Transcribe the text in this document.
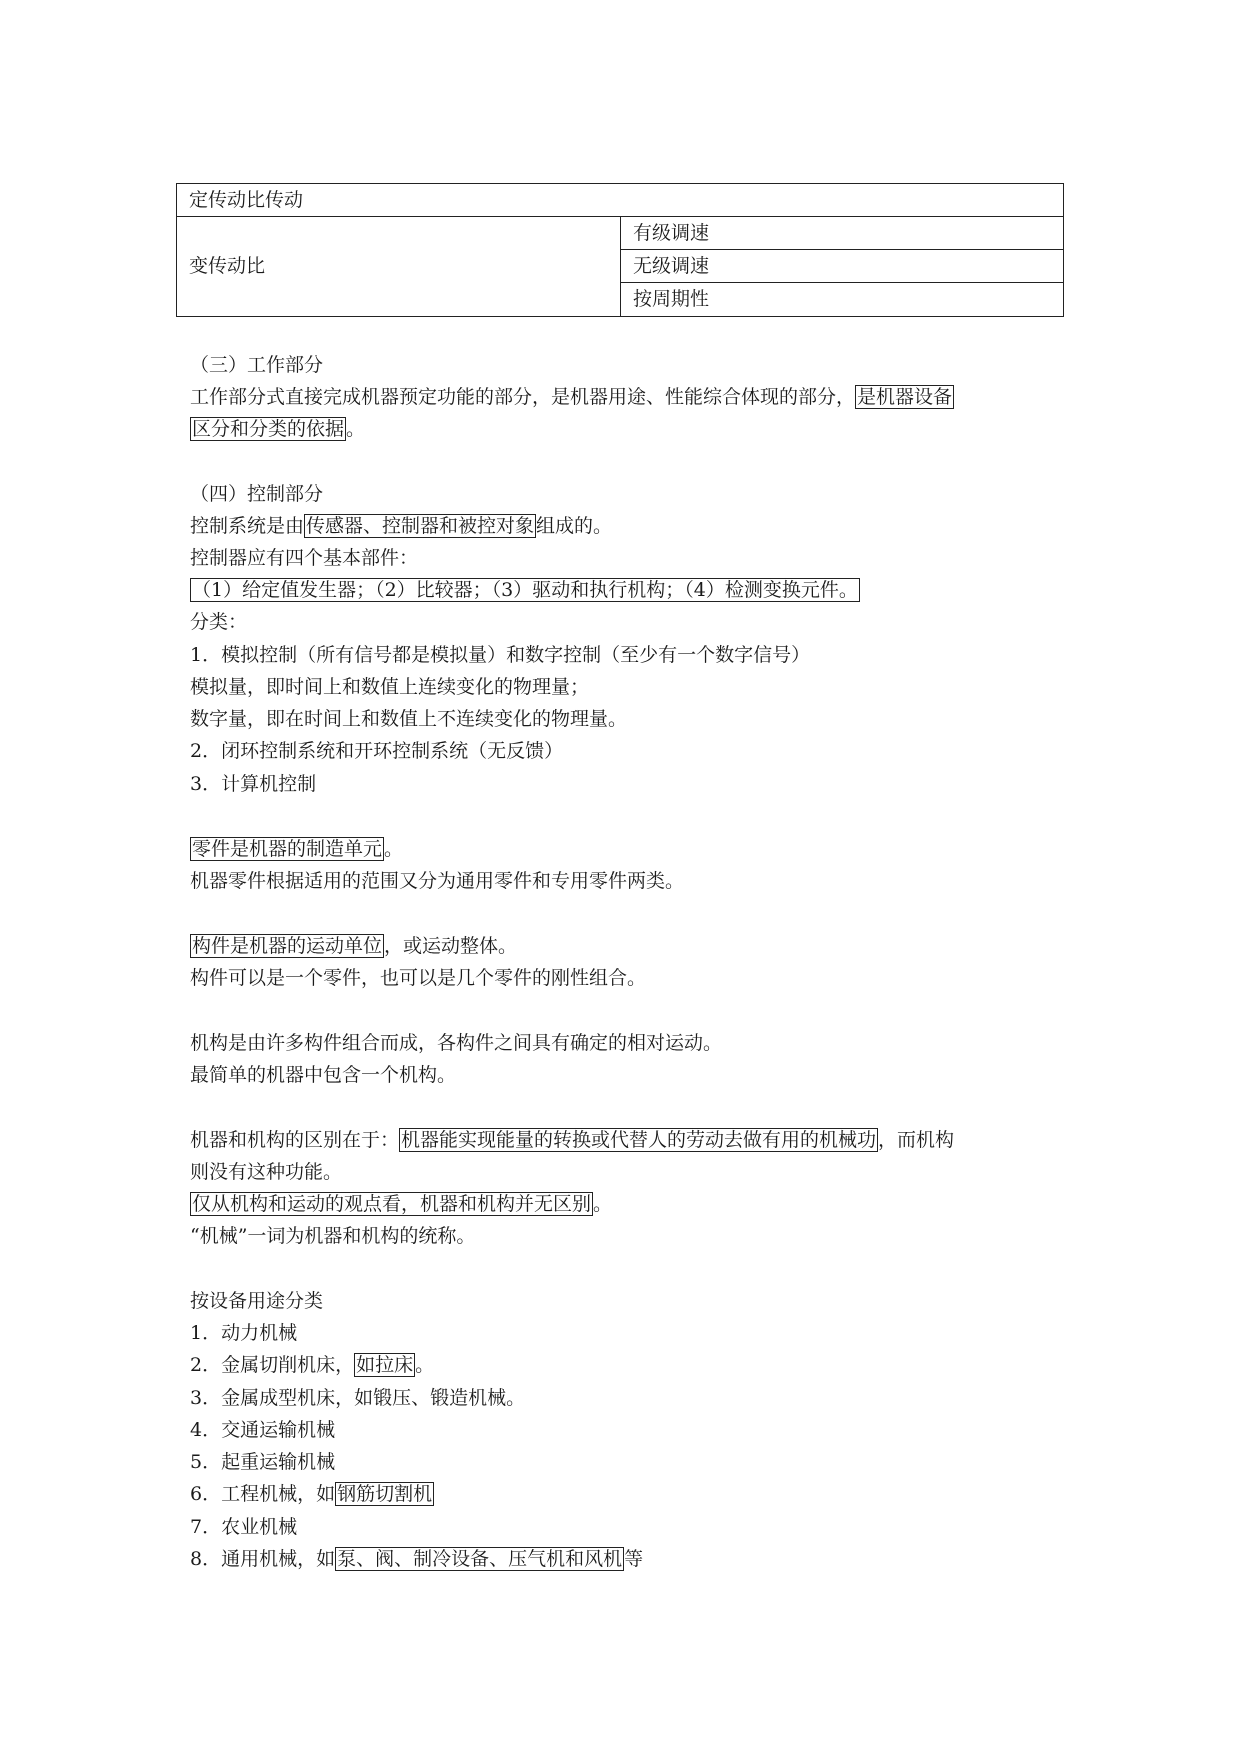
定传动比传动
变传动比
有级调速
无级调速
按周期性
（三）工作部分
工作部分式直接完成机器预定功能的部分，是机器用途、性能综合体现的部分， 是机器设备
区分和分类的依据 。
（四）控制部分
控制系统是由 传感器、控制器和被控对象 组成的。
控制器应有四个基本部件：
（1）给定值发生器；（2）比较器；（3）驱动和执行机构；（4）检测变换元件。
分类：
1．模拟控制（所有信号都是模拟量）和数字控制（至少有一个数字信号）
模拟量，即时间上和数值上连续变化的物理量；
数字量，即在时间上和数值上不连续变化的物理量。
2．闭环控制系统和开环控制系统（无反馈）
3．计算机控制
零件是机器的制造单元 。
机器零件根据适用的范围又分为通用零件和专用零件两类。
构件是机器的运动单位 ，或运动整体。
构件可以是一个零件，也可以是几个零件的刚性组合。
机构是由许多构件组合而成，各构件之间具有确定的相对运动。
最简单的机器中包含一个机构。
机器和机构的区别在于： 机器能实现能量的转换或代替人的劳动去做有用的机械功 ，而机构
则没有这种功能。
仅从机构和运动的观点看，机器和机构并无区别 。
“机械”一词为机器和机构的统称。
按设备用途分类
1．动力机械
2．金属切削机床， 如拉床 。
3．金属成型机床，如锻压、锻造机械。
4．交通运输机械
5．起重运输机械
6．工程机械，如 钢筋切割机
7．农业机械
8．通用机械，如 泵、阀、制冷设备、压气机和风机 等
